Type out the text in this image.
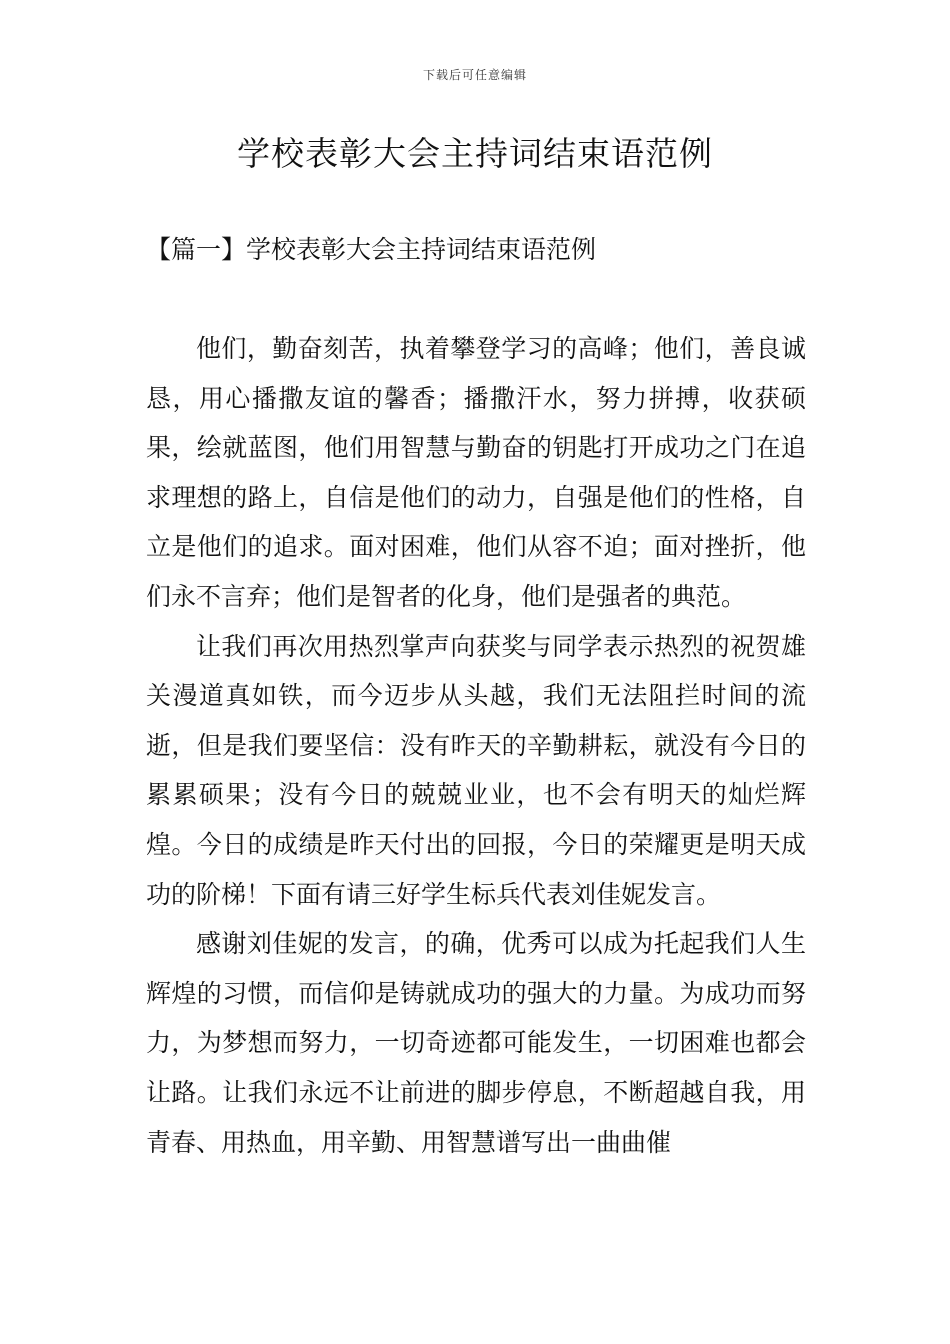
下载后可任意编辑
学校表彰大会主持词结束语范例
【篇一】学校表彰大会主持词结束语范例

他们，勤奋刻苦，执着攀登学习的高峰；他们，善良诚恳，用心播撒友谊的馨香；播撒汗水，努力拼搏，收获硕果，绘就蓝图，他们用智慧与勤奋的钥匙打开成功之门在追求理想的路上，自信是他们的动力，自强是他们的性格，自立是他们的追求。面对困难，他们从容不迫；面对挫折，他们永不言弃；他们是智者的化身，他们是强者的典范。

让我们再次用热烈掌声向获奖与同学表示热烈的祝贺雄关漫道真如铁，而今迈步从头越，我们无法阻拦时间的流逝，但是我们要坚信：没有昨天的辛勤耕耘，就没有今日的累累硕果；没有今日的兢兢业业，也不会有明天的灿烂辉煌。今日的成绩是昨天付出的回报，今日的荣耀更是明天成功的阶梯！下面有请三好学生标兵代表刘佳妮发言。

感谢刘佳妮的发言，的确，优秀可以成为托起我们人生辉煌的习惯，而信仰是铸就成功的强大的力量。为成功而努力，为梦想而努力，一切奇迹都可能发生，一切困难也都会让路。让我们永远不让前进的脚步停息，不断超越自我，用青春、用热血，用辛勤、用智慧谱写出一曲曲催
